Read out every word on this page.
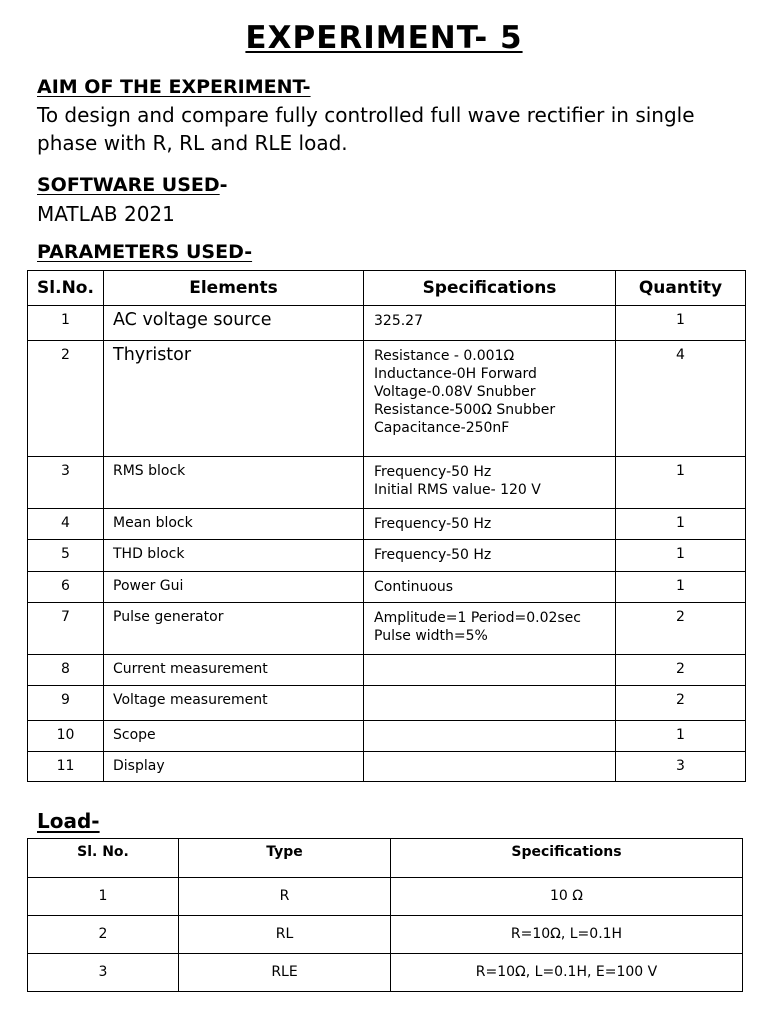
EXPERIMENT- 5
AIM OF THE EXPERIMENT-
To design and compare fully controlled full wave rectifier in single
phase with R, RL and RLE load.
SOFTWARE USED-
MATLAB 2021
PARAMETERS USED-
Sl.No.	Elements	Specifications	Quantity
1	AC voltage source	325.27	1
2	Thyristor	Resistance - 0.001Ω
Inductance-0H Forward
Voltage-0.08V Snubber
Resistance-500Ω Snubber
Capacitance-250nF	4
3	RMS block	Frequency-50 Hz
Initial RMS value- 120 V	1
4	Mean block	Frequency-50 Hz	1
5	THD block	Frequency-50 Hz	1
6	Power Gui	Continuous	1
7	Pulse generator	Amplitude=1 Period=0.02sec
Pulse width=5%	2
8	Current measurement		2
9	Voltage measurement		2
10	Scope		1
11	Display		3
Load-
Sl. No.	Type	Specifications
1	R	10 Ω
2	RL	R=10Ω, L=0.1H
3	RLE	R=10Ω, L=0.1H, E=100 V
